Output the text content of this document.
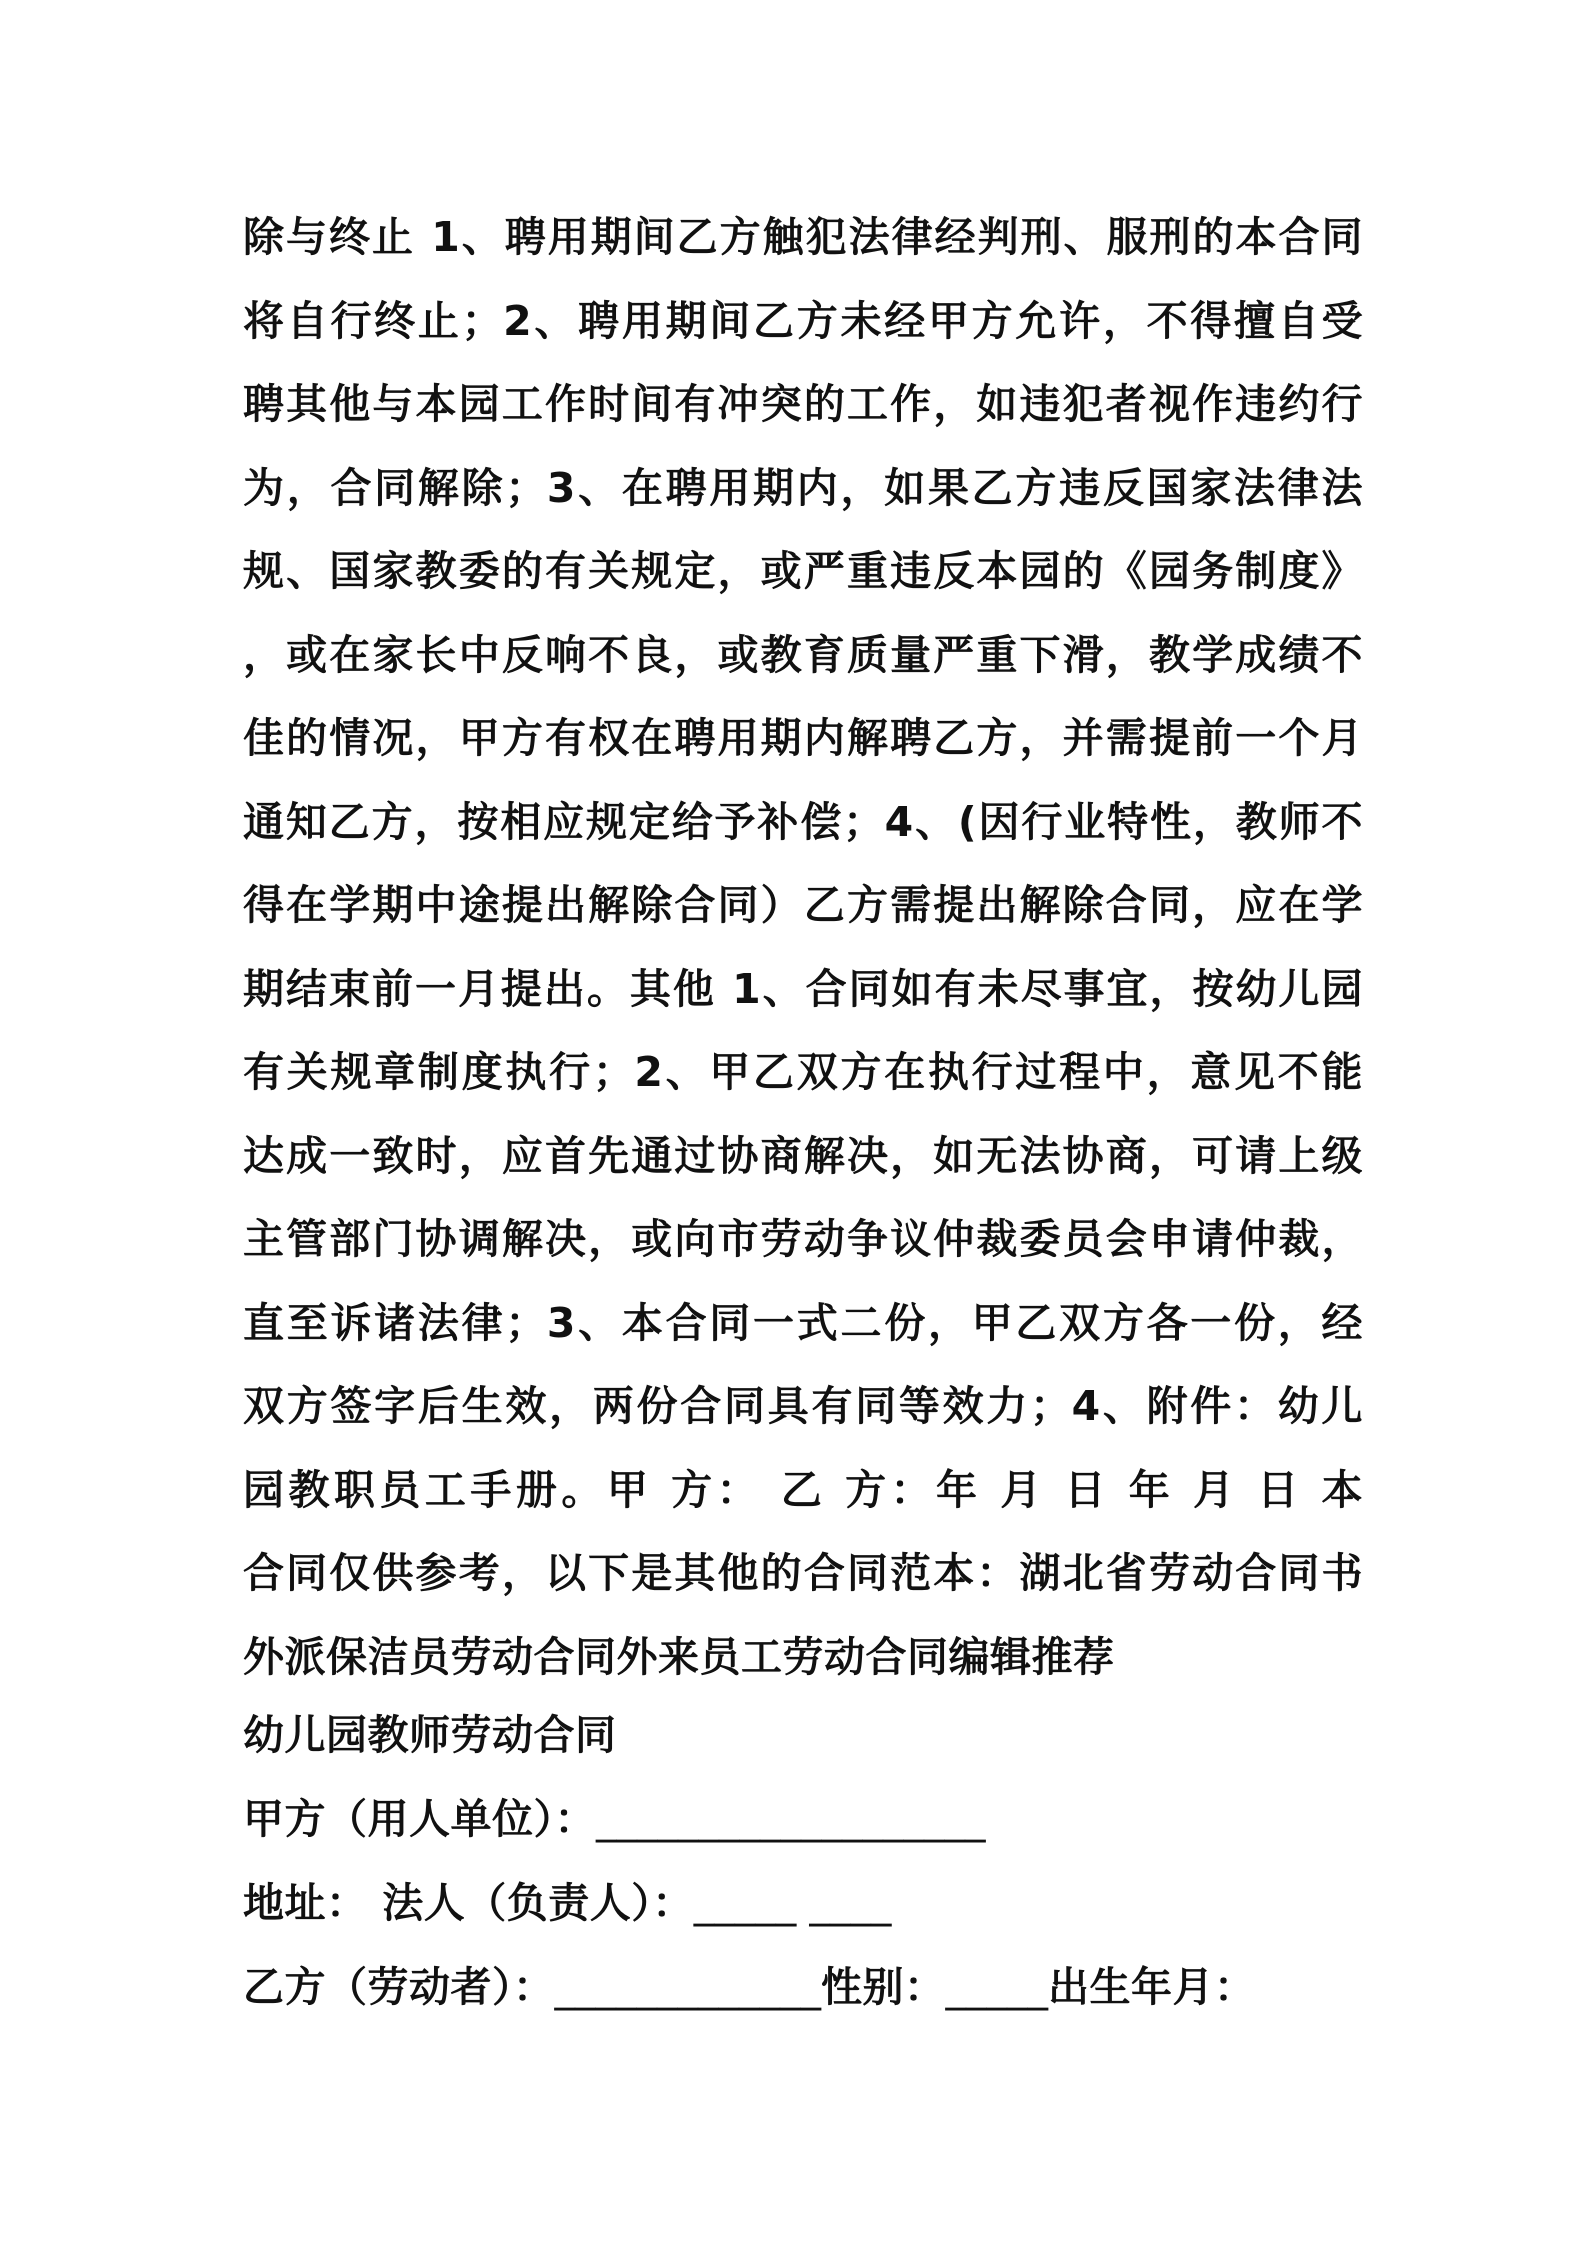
除与终止 1、聘用期间乙方触犯法律经判刑、服刑的本合同
将自行终止；2、聘用期间乙方未经甲方允许，不得擅自受
聘其他与本园工作时间有冲突的工作，如违犯者视作违约行
为，合同解除；3、在聘用期内，如果乙方违反国家法律法
规、国家教委的有关规定，或严重违反本园的《园务制度》
，或在家长中反响不良，或教育质量严重下滑，教学成绩不
佳的情况，甲方有权在聘用期内解聘乙方，并需提前一个月
通知乙方，按相应规定给予补偿；4、(因行业特性，教师不
得在学期中途提出解除合同）乙方需提出解除合同，应在学
期结束前一月提出。其他 1、合同如有未尽事宜，按幼儿园
有关规章制度执行；2、甲乙双方在执行过程中，意见不能
达成一致时，应首先通过协商解决，如无法协商，可请上级
主管部门协调解决，或向市劳动争议仲裁委员会申请仲裁，
直至诉诸法律；3、本合同一式二份，甲乙双方各一份，经
双方签字后生效，两份合同具有同等效力；4、附件：幼儿
园教职员工手册。甲 方： 乙 方：年 月 日 年 月 日 本
合同仅供参考，以下是其他的合同范本：湖北省劳动合同书
外派保洁员劳动合同外来员工劳动合同编辑推荐
幼儿园教师劳动合同
甲方（用人单位）：___________________
地址： 法人（负责人）：_____ ____
乙方（劳动者）：_____________性别：_____出生年月：
